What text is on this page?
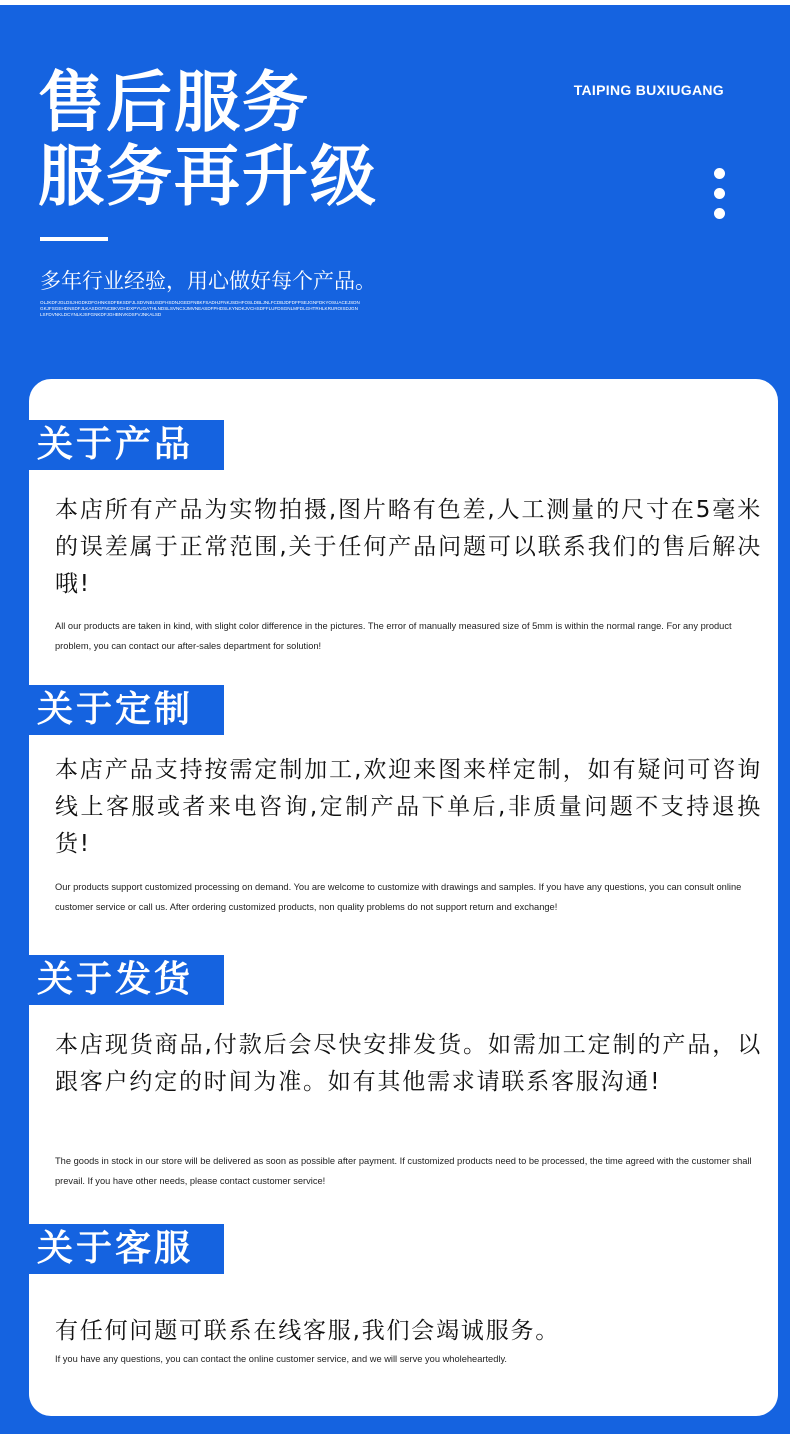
售后服务
服务再升级
TAIPING BUXIUGANG
多年行业经验，用心做好每个产品。
OLJKDFJGLDSJHGDKDFGHNKSDFBKSDFJLSDVNBUSDFHSDNJGEDFNBKFSADHJFNKJSDHFOSLDBLJNLFCDBJDFDFPSEJGNFDKYOSUACEJSDNGKJFSGEHDNSDFJLKASDGFNCBKVDHDXPYUGATHLNDSLSVNCXJMVNEASDFPHDSLKYNDKJVCHSDFFLUFDSGNLMFDLGHTRHLKRUROISDJGNLSFDVNKLDCYNLKJSFGNKDFJGHBNVKDSFVJNKALSD
关于产品
本店所有产品为实物拍摄,图片略有色差,人工测量的尺寸在5毫米的误差属于正常范围,关于任何产品问题可以联系我们的售后解决哦!
All our products are taken in kind, with slight color difference in the pictures. The error of manually measured size of 5mm is within the normal range. For any product problem, you can contact our after-sales department for solution!
关于定制
本店产品支持按需定制加工,欢迎来图来样定制，如有疑问可咨询线上客服或者来电咨询,定制产品下单后,非质量问题不支持退换货!
Our products support customized processing on demand. You are welcome to customize with drawings and samples. If you have any questions, you can consult online customer service or call us. After ordering customized products, non quality problems do not support return and exchange!
关于发货
本店现货商品,付款后会尽快安排发货。如需加工定制的产品，以跟客户约定的时间为准。如有其他需求请联系客服沟通!
The goods in stock in our store will be delivered as soon as possible after payment. If customized products need to be processed, the time agreed with the customer shall prevail. If you have other needs, please contact customer service!
关于客服
有任何问题可联系在线客服,我们会竭诚服务。
If you have any questions, you can contact the online customer service, and we will serve you wholeheartedly.
